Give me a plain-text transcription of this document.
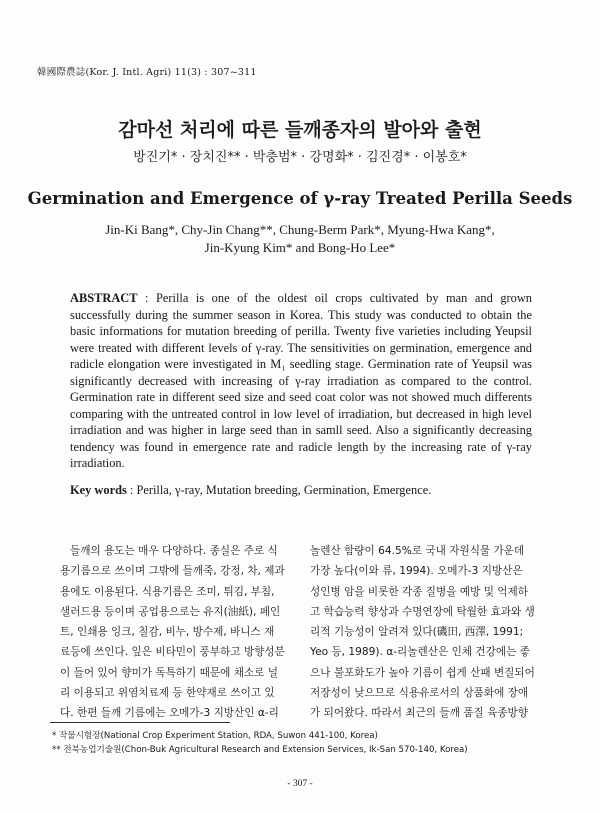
韓國際農誌(Kor. J. Intl. Agri) 11(3) : 307~311
감마선 처리에 따른 들깨종자의 발아와 출현
방진기* · 장치진** · 박충범* · 강명화* · 김진경* · 이봉호*
Germination and Emergence of γ-ray Treated Perilla Seeds
Jin-Ki Bang*, Chy-Jin Chang**, Chung-Berm Park*, Myung-Hwa Kang*,
Jin-Kyung Kim* and Bong-Ho Lee*
ABSTRACT : Perilla is one of the oldest oil crops cultivated by man and grown successfully during the summer season in Korea. This study was conducted to obtain the basic informations for mutation breeding of perilla. Twenty five varieties including Yeupsil were treated with different levels of γ-ray. The sensitivities on germination, emergence and radicle elongation were investigated in M₁ seedling stage. Germination rate of Yeupsil was significantly decreased with increasing of γ-ray irradiation as compared to the control. Germination rate in different seed size and seed coat color was not showed much differents comparing with the untreated control in low level of irradiation, but decreased in high level irradiation and was higher in large seed than in samll seed. Also a significantly decreasing tendency was found in emergence rate and radicle length by the increasing rate of γ-ray irradiation.
Key words : Perilla, γ-ray, Mutation breeding, Germination, Emergence.
들깨의 용도는 매우 다양하다. 종실은 주로 식
용기름으로 쓰이며 그밖에 들깨죽, 강정, 차, 제과
용에도 이용된다. 식용기름은 조미, 튀김, 부침,
샐러드용 등이며 공업용으로는 유지(油紙), 페인
트, 인쇄용 잉크, 칠감, 비누, 방수제, 바니스 재
료등에 쓰인다. 잎은 비타민이 풍부하고 방향성분
이 들어 있어 향미가 독특하기 때문에 채소로 널
리 이용되고 위염치료제 등 한약재로 쓰이고 있
다. 한편 들깨 기름에는 오메가-3 지방산인 α-리
놀렌산 함량이 64.5%로 국내 자원식물 가운데
가장 높다(이와 류, 1994). 오메가-3 지방산은
성인병 암을 비롯한 각종 질병을 예방 및 억제하
고 학습능력 향상과 수명연장에 탁월한 효과와 생
리적 기능성이 알려져 있다(磯田, 西澤, 1991;
Yeo 등, 1989). α-리놀렌산은 인체 건강에는 좋
으나 불포화도가 높아 기름이 쉽게 산패 변질되어
저장성이 낮으므로 식용유로서의 상품화에 장애
가 되어왔다. 따라서 최근의 들깨 품질 육종방향
* 작물시험장(National Crop Experiment Station, RDA, Suwon 441-100, Korea)
** 전북농업기술원(Chon-Buk Agricultural Research and Extension Services, Ik-San 570-140, Korea)
- 307 -
